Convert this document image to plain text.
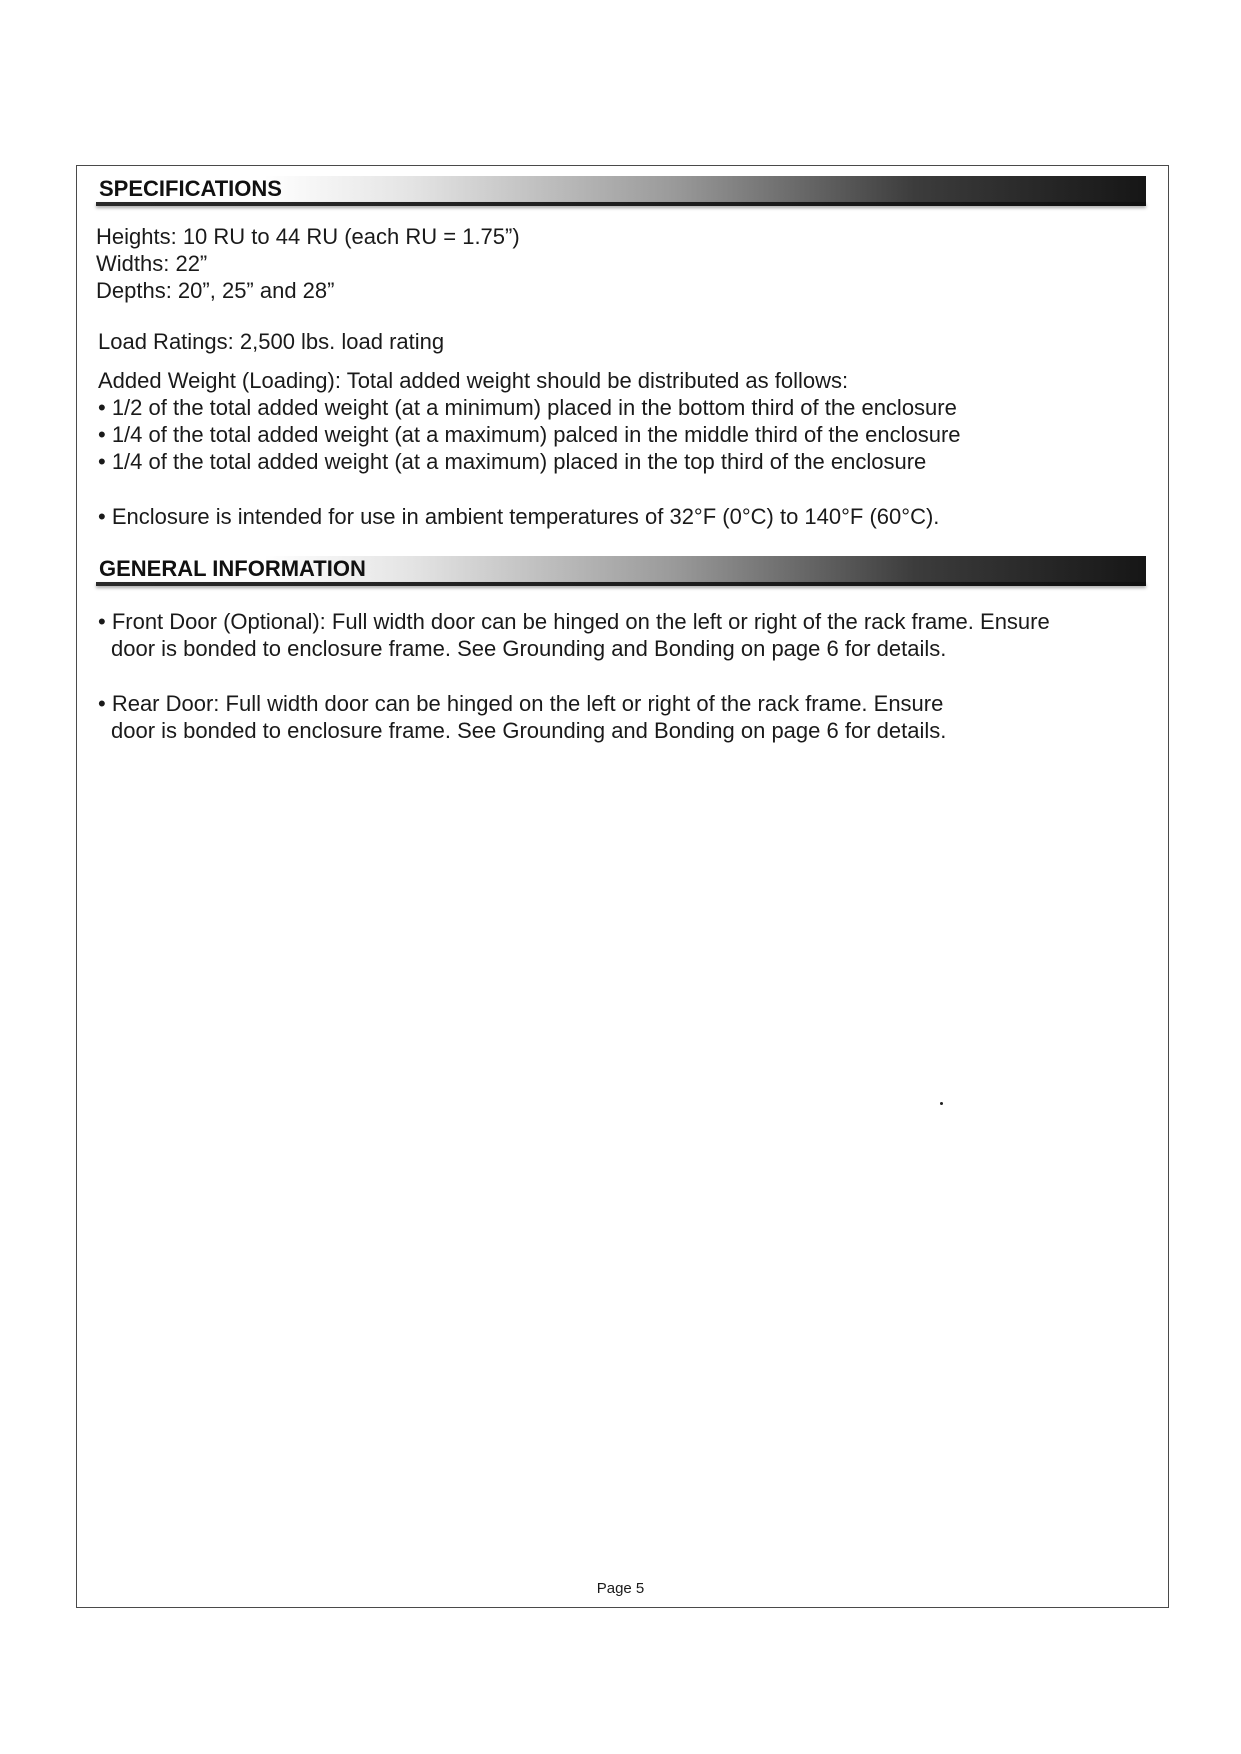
SPECIFICATIONS
Heights: 10 RU to 44 RU (each RU = 1.75”)
Widths: 22”
Depths: 20”, 25” and 28”
Load Ratings: 2,500 lbs. load rating
Added Weight (Loading): Total added weight should be distributed as follows:
• 1/2 of the total added weight (at a minimum) placed in the bottom third of the enclosure
• 1/4 of the total added weight (at a maximum) palced in the middle third of the enclosure
• 1/4 of the total added weight (at a maximum) placed in the top third of the enclosure
• Enclosure is intended for use in ambient temperatures of 32°F (0°C) to 140°F (60°C).
GENERAL INFORMATION
• Front Door (Optional): Full width door can be hinged on the left or right of the rack frame. Ensure
door is bonded to enclosure frame. See Grounding and Bonding on page 6 for details.
• Rear Door: Full width door can be hinged on the left or right of the rack frame. Ensure
door is bonded to enclosure frame. See Grounding and Bonding on page 6 for details.
Page 5
